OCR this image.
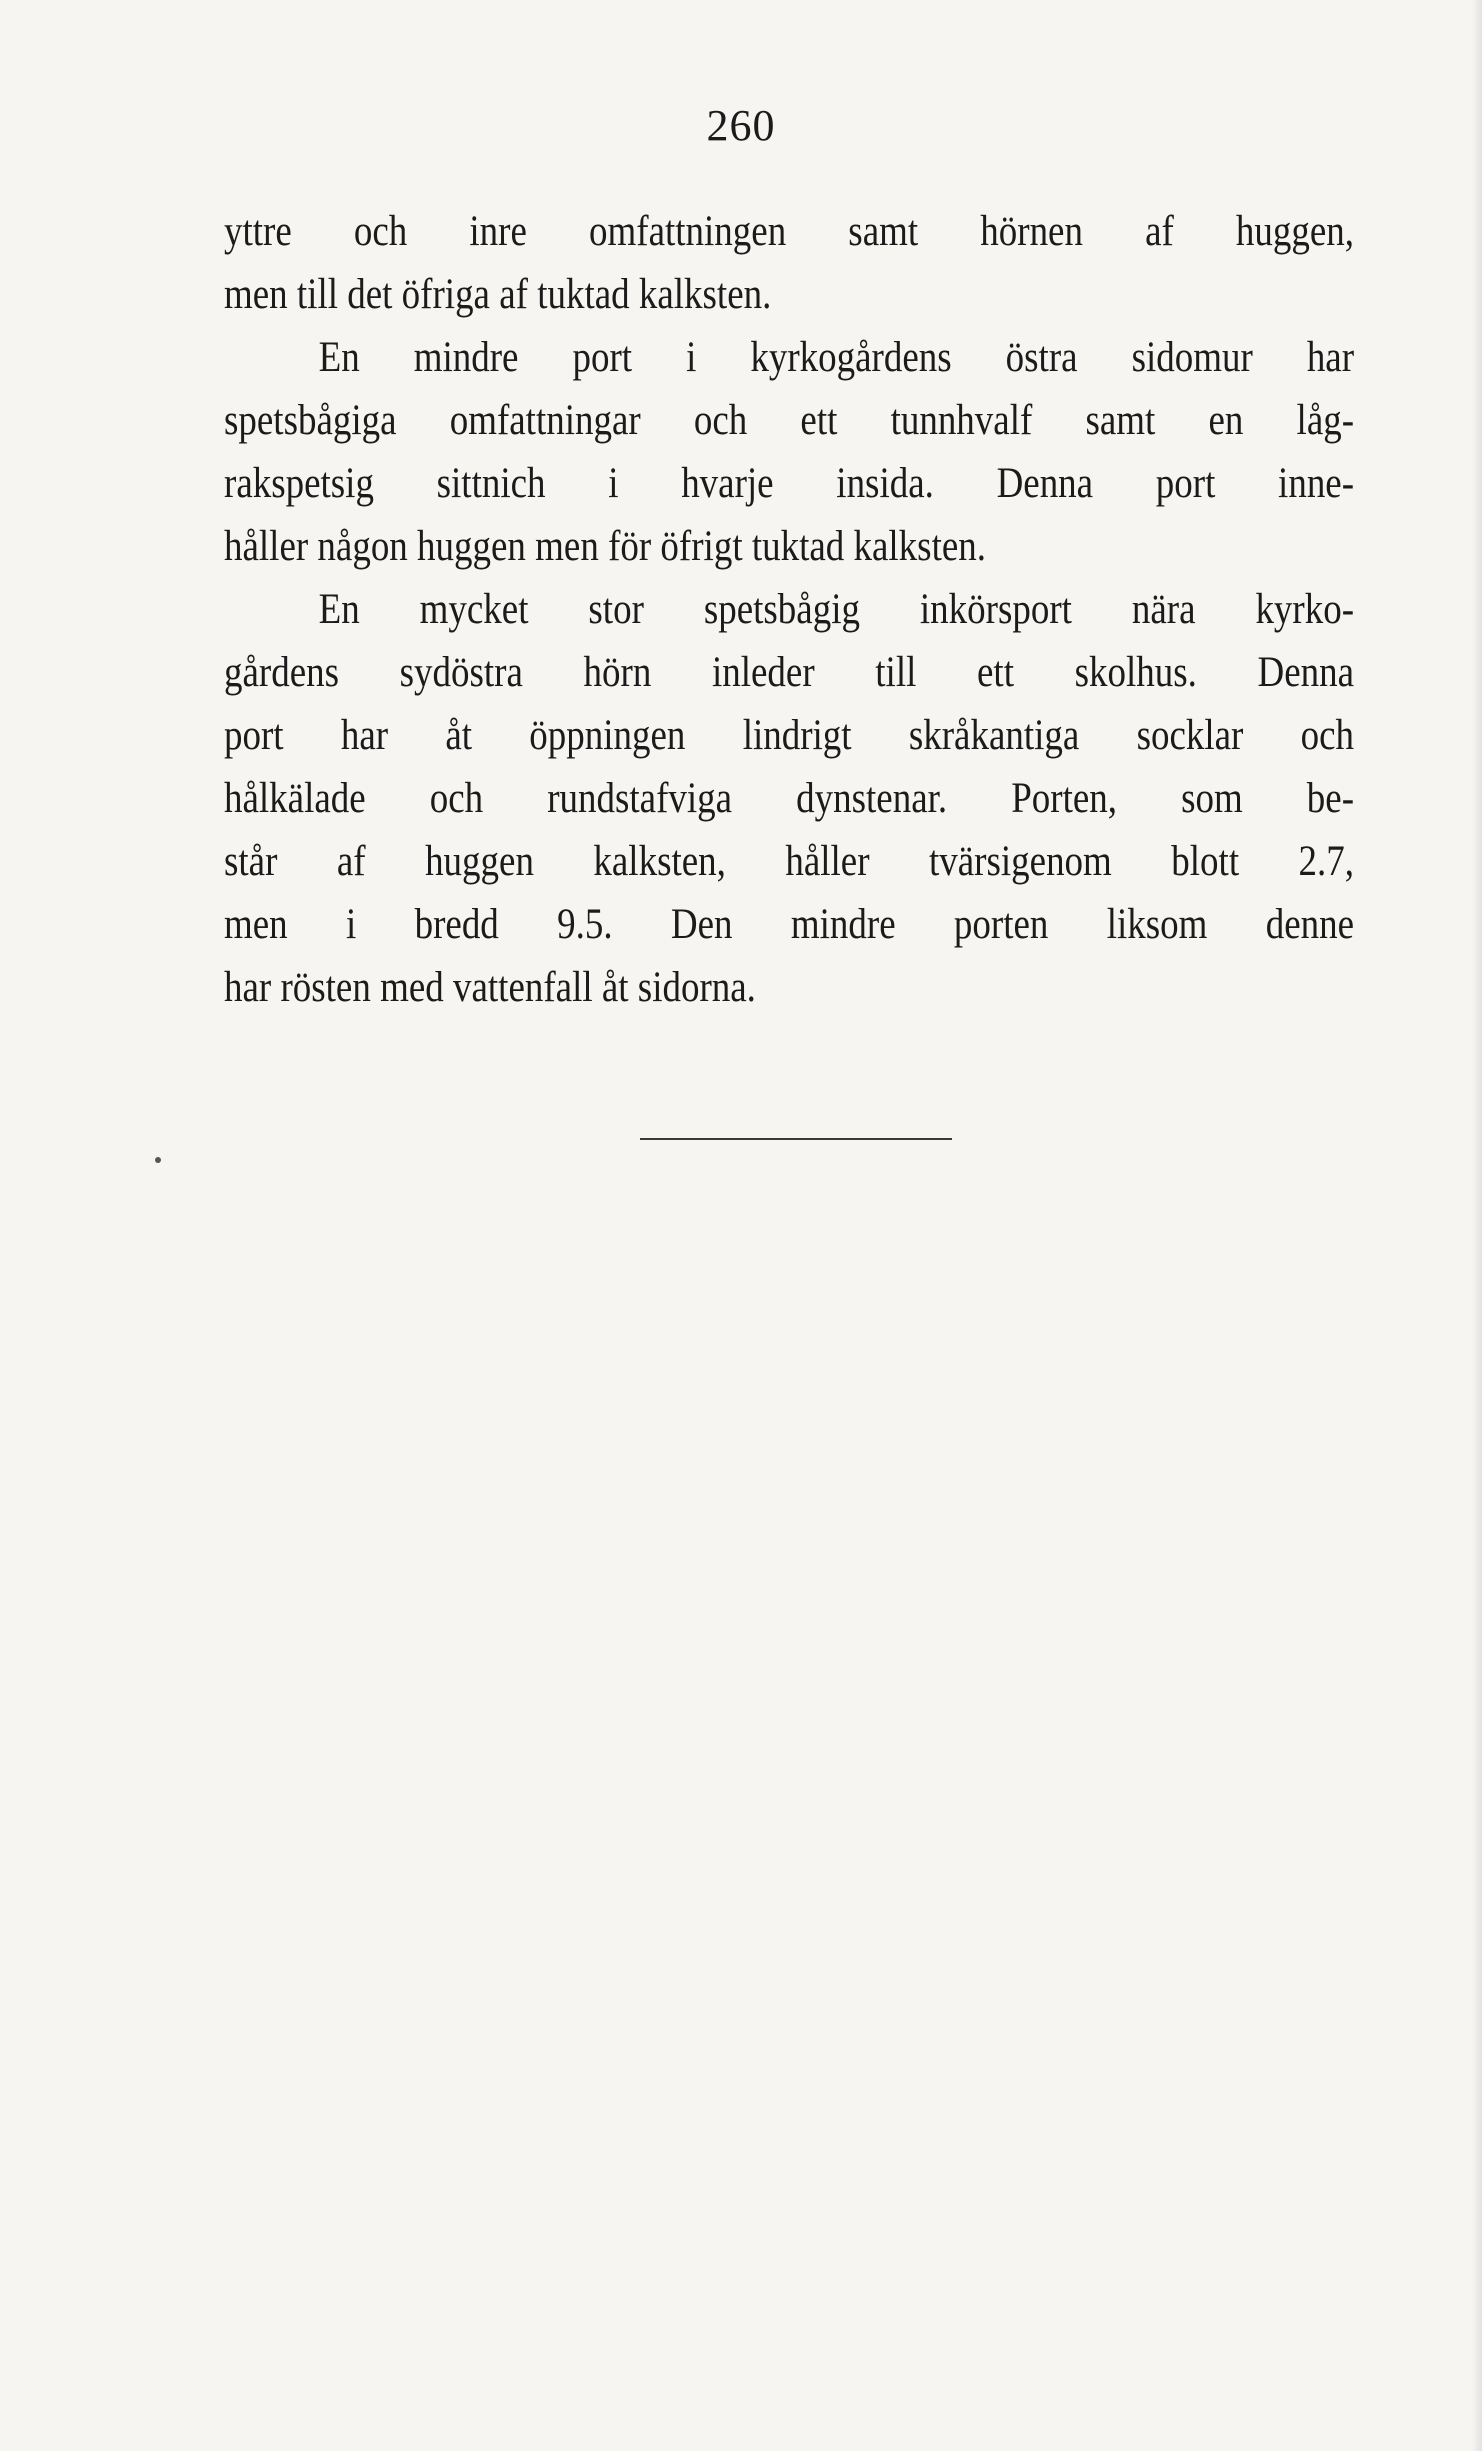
260
yttre och inre omfattningen samt hörnen af huggen,
men till det öfriga af tuktad kalksten.
En mindre port i kyrkogårdens östra sidomur har
spetsbågiga omfattningar och ett tunnhvalf samt en låg-
rakspetsig sittnich i hvarje insida. Denna port inne-
håller någon huggen men för öfrigt tuktad kalksten.
En mycket stor spetsbågig inkörsport nära kyrko-
gårdens sydöstra hörn inleder till ett skolhus. Denna
port har åt öppningen lindrigt skråkantiga socklar och
hålkälade och rundstafviga dynstenar. Porten, som be-
står af huggen kalksten, håller tvärsigenom blott 2.7,
men i bredd 9.5. Den mindre porten liksom denne
har rösten med vattenfall åt sidorna.
